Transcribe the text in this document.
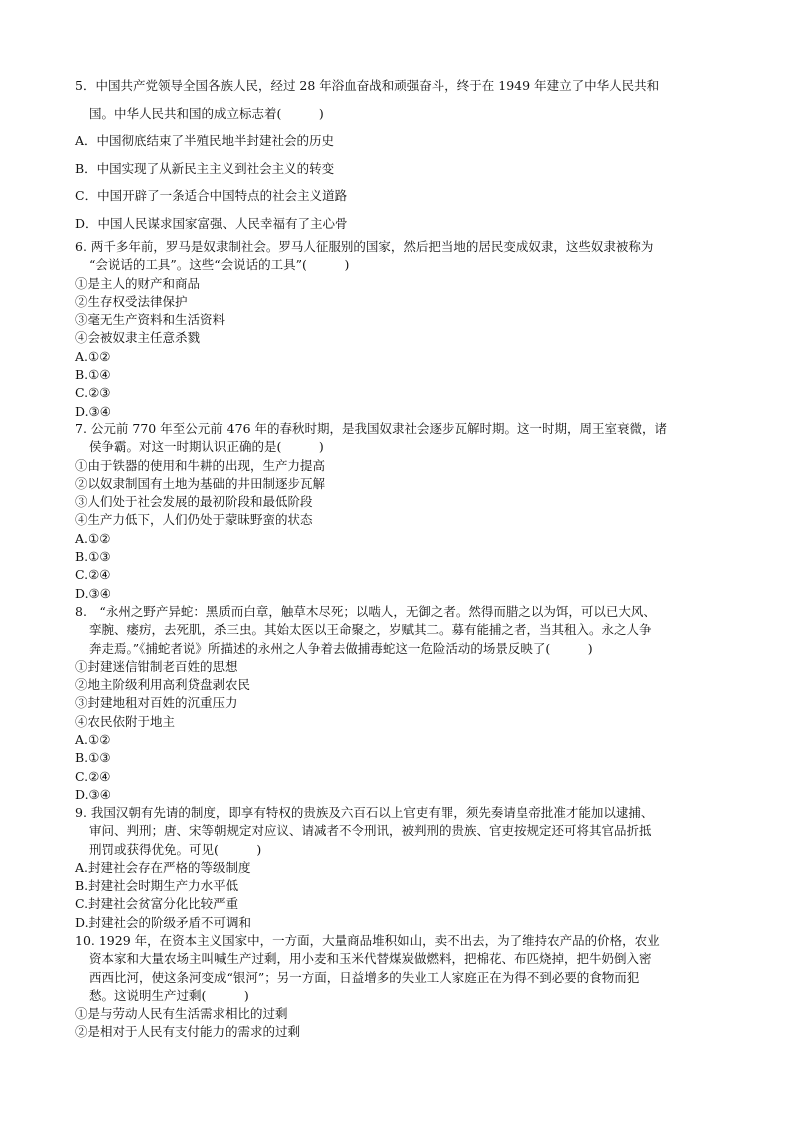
5．中国共产党领导全国各族人民，经过 28 年浴血奋战和顽强奋斗，终于在 1949 年建立了中华人民共和
国。中华人民共和国的成立标志着(　　　)
A．中国彻底结束了半殖民地半封建社会的历史
B．中国实现了从新民主主义到社会主义的转变
C．中国开辟了一条适合中国特点的社会主义道路
D．中国人民谋求国家富强、人民幸福有了主心骨
6. 两千多年前，罗马是奴隶制社会。罗马人征服别的国家，然后把当地的居民变成奴隶，这些奴隶被称为
“会说话的工具”。这些“会说话的工具”(　　　)
①是主人的财产和商品
②生存权受法律保护
③毫无生产资料和生活资料
④会被奴隶主任意杀戮
A.①②
B.①④
C.②③
D.③④
7. 公元前 770 年至公元前 476 年的春秋时期，是我国奴隶社会逐步瓦解时期。这一时期，周王室衰微，诸
侯争霸。对这一时期认识正确的是(　　　)
①由于铁器的使用和牛耕的出现，生产力提高
②以奴隶制国有土地为基础的井田制逐步瓦解
③人们处于社会发展的最初阶段和最低阶段
④生产力低下，人们仍处于蒙昧野蛮的状态
A.①②
B.①③
C.②④
D.③④
8.　“永州之野产异蛇：黑质而白章，触草木尽死；以啮人，无御之者。然得而腊之以为饵，可以已大风、
挛腕、瘘疠，去死肌，杀三虫。其始太医以王命聚之，岁赋其二。募有能捕之者，当其租入。永之人争
奔走焉。”《捕蛇者说》所描述的永州之人争着去做捕毒蛇这一危险活动的场景反映了(　　　)
①封建迷信钳制老百姓的思想
②地主阶级利用高利贷盘剥农民
③封建地租对百姓的沉重压力
④农民依附于地主
A.①②
B.①③
C.②④
D.③④
9. 我国汉朝有先请的制度，即享有特权的贵族及六百石以上官吏有罪，须先奏请皇帝批准才能加以逮捕、
审问、判刑；唐、宋等朝规定对应议、请减者不令刑讯，被判刑的贵族、官吏按规定还可将其官品折抵
刑罚或获得优免。可见(　　　)
A.封建社会存在严格的等级制度
B.封建社会时期生产力水平低
C.封建社会贫富分化比较严重
D.封建社会的阶级矛盾不可调和
10. 1929 年，在资本主义国家中，一方面，大量商品堆积如山，卖不出去，为了维持农产品的价格，农业
资本家和大量农场主叫喊生产过剩，用小麦和玉米代替煤炭做燃料，把棉花、布匹烧掉，把牛奶倒入密
西西比河，使这条河变成“银河”；另一方面，日益增多的失业工人家庭正在为得不到必要的食物而犯
愁。这说明生产过剩(　　　)
①是与劳动人民有生活需求相比的过剩
②是相对于人民有支付能力的需求的过剩
